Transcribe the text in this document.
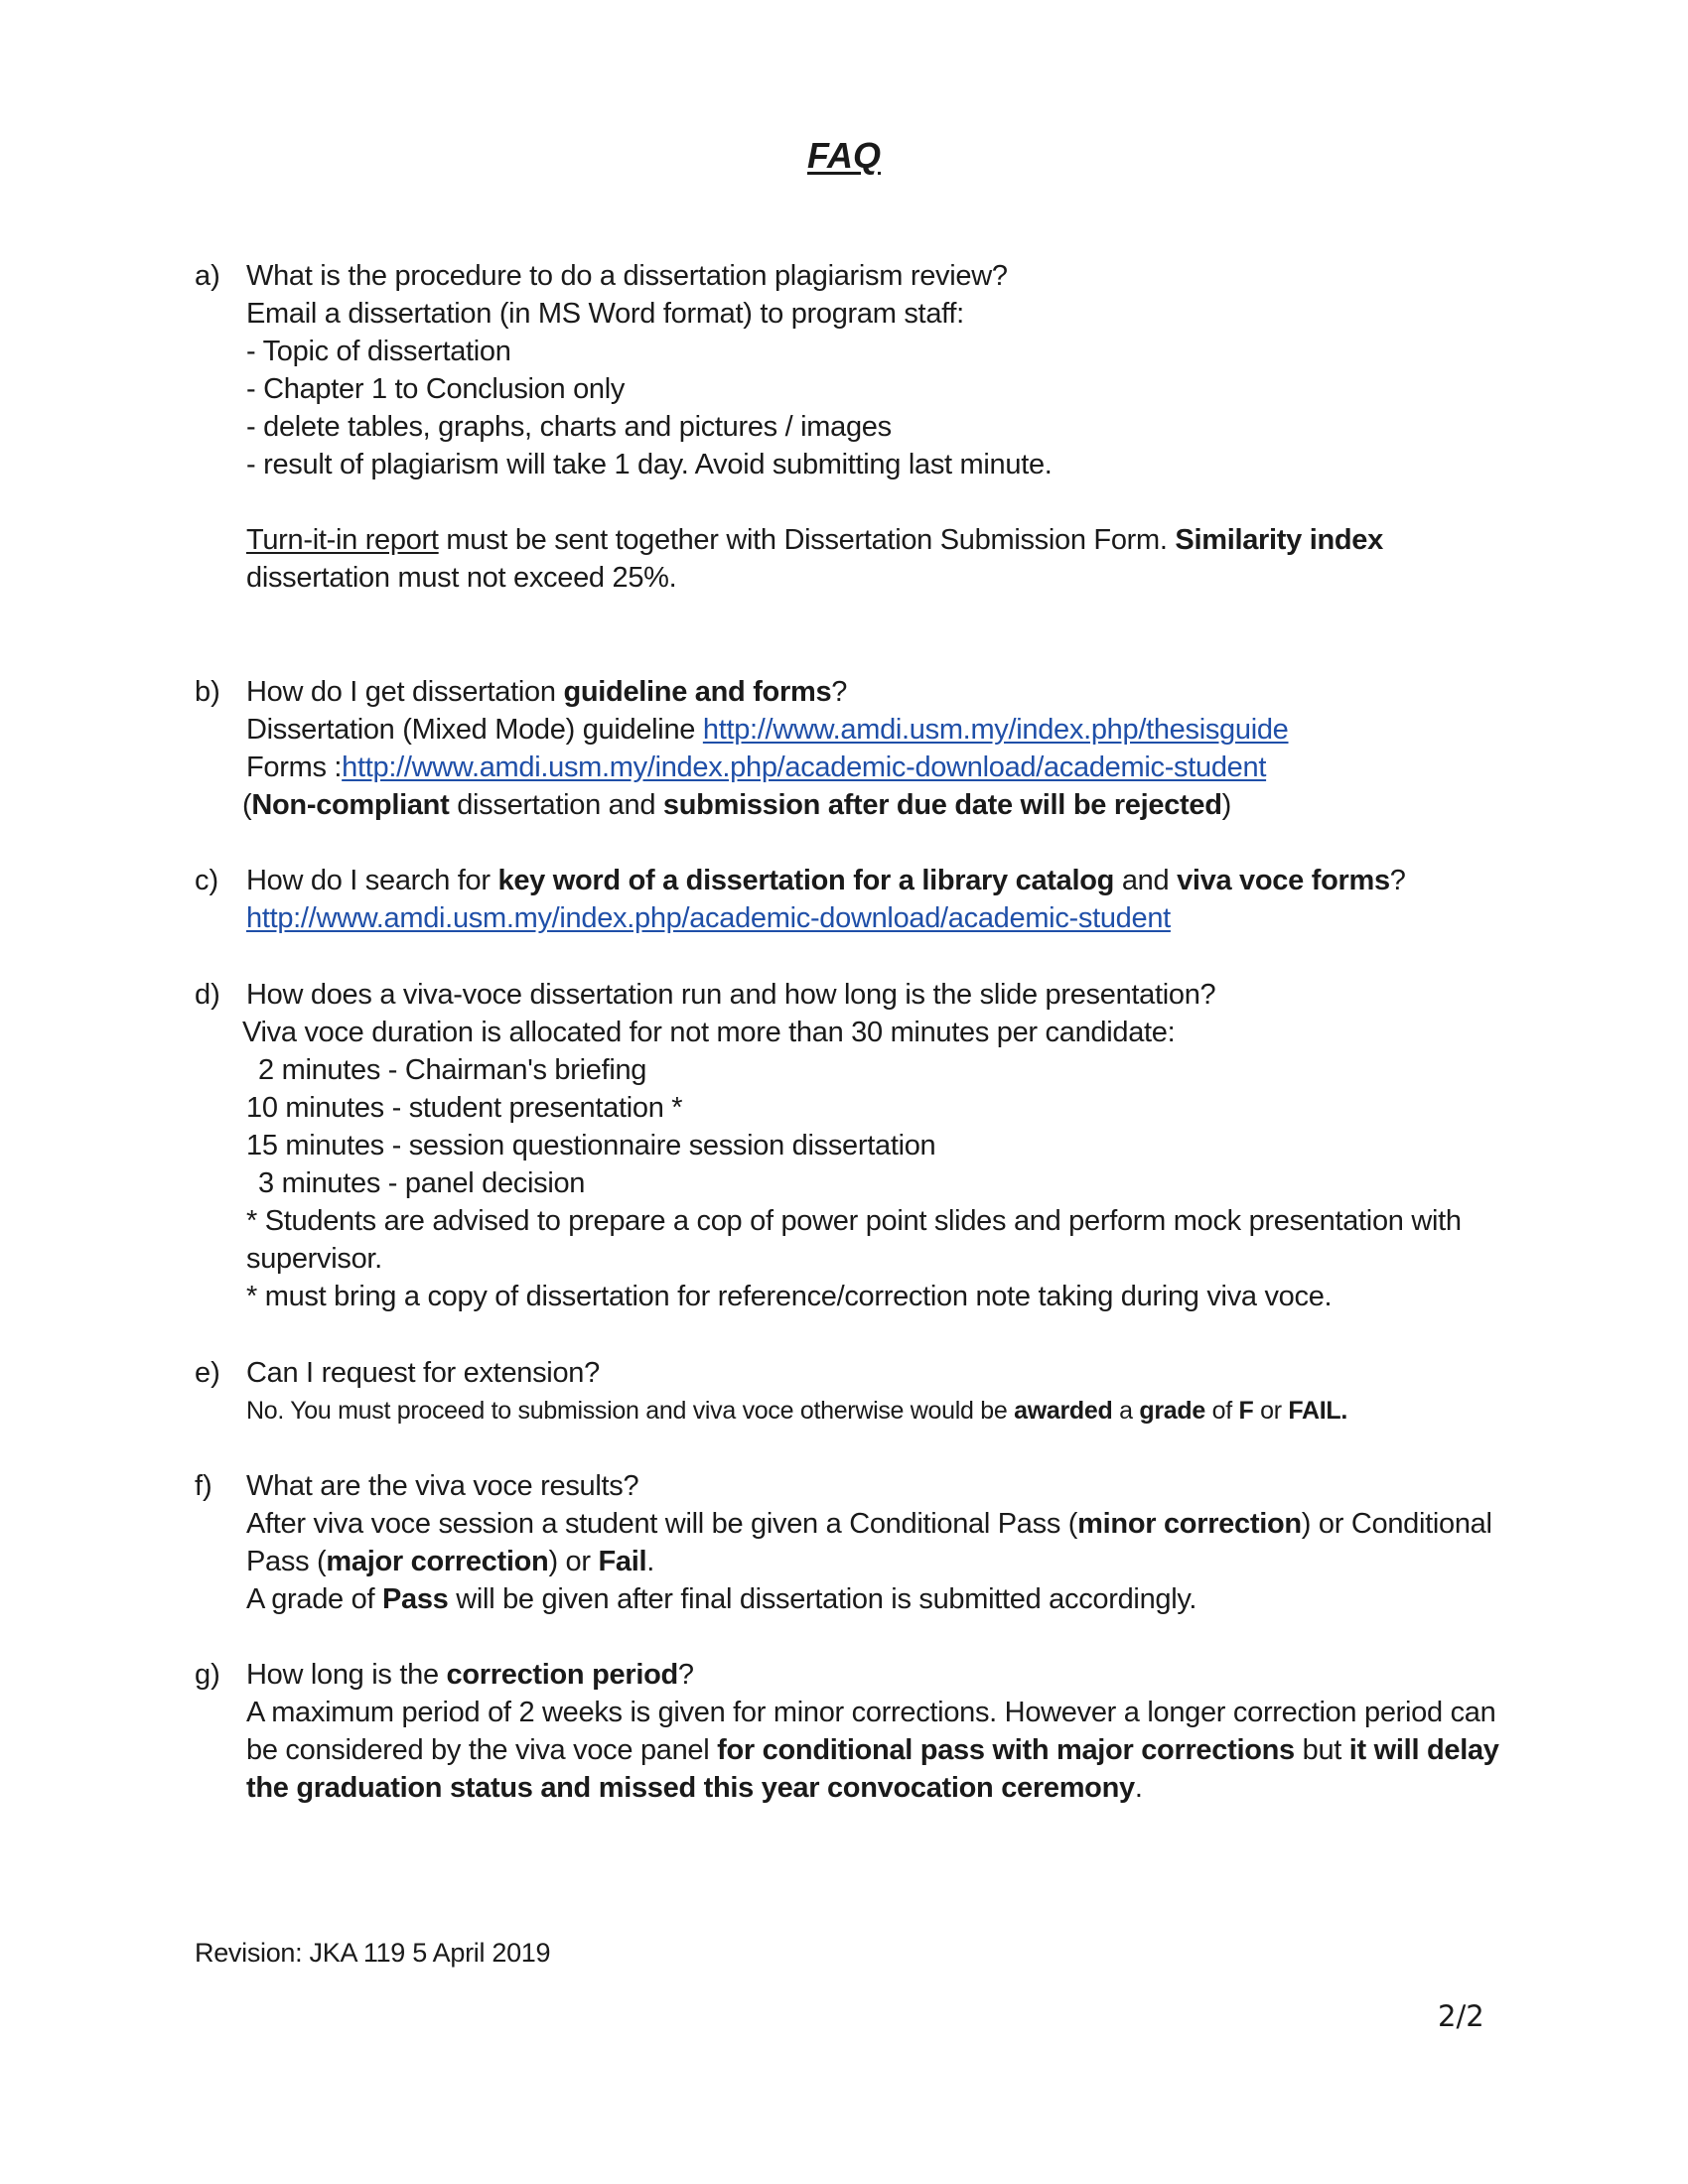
FAQ
a) What is the procedure to do a dissertation plagiarism review?
Email a dissertation (in MS Word format) to program staff:
- Topic of dissertation
- Chapter 1 to Conclusion only
- delete tables, graphs, charts and pictures / images
- result of plagiarism will take 1 day. Avoid submitting last minute.
Turn-it-in report must be sent together with Dissertation Submission Form. Similarity index
dissertation must not exceed 25%.
b) How do I get dissertation guideline and forms?
Dissertation (Mixed Mode) guideline http://www.amdi.usm.my/index.php/thesisguide
Forms :http://www.amdi.usm.my/index.php/academic-download/academic-student
(Non-compliant dissertation and submission after due date will be rejected)
c) How do I search for key word of a dissertation for a library catalog and viva voce forms?
http://www.amdi.usm.my/index.php/academic-download/academic-student
d) How does a viva-voce dissertation run and how long is the slide presentation?
Viva voce duration is allocated for not more than 30 minutes per candidate:
2 minutes - Chairman's briefing
10 minutes - student presentation *
15 minutes - session questionnaire session dissertation
3 minutes - panel decision
* Students are advised to prepare a cop of power point slides and perform mock presentation with
supervisor.
* must bring a copy of dissertation for reference/correction note taking during viva voce.
e) Can I request for extension?
No. You must proceed to submission and viva voce otherwise would be awarded a grade of F or FAIL.
f) What are the viva voce results?
After viva voce session a student will be given a Conditional Pass (minor correction) or Conditional
Pass (major correction) or Fail.
A grade of Pass will be given after final dissertation is submitted accordingly.
g) How long is the correction period?
A maximum period of 2 weeks is given for minor corrections. However a longer correction period can
be considered by the viva voce panel for conditional pass with major corrections but it will delay
the graduation status and missed this year convocation ceremony.
Revision: JKA 119 5 April 2019
2/2
